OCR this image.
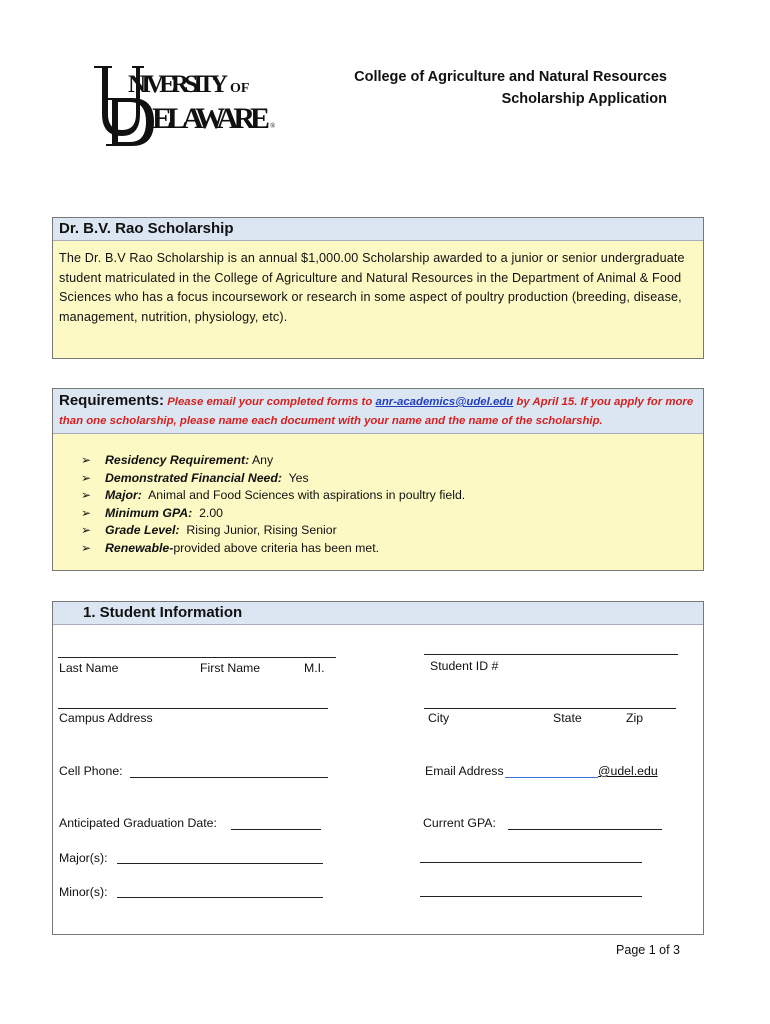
NIVERSITY OF
ELAWARE ®
College of Agriculture and Natural Resources
Scholarship Application
Dr. B.V. Rao Scholarship
The Dr. B.V Rao Scholarship is an annual $1,000.00 Scholarship awarded to a junior or senior undergraduate student matriculated in the College of Agriculture and Natural Resources in the Department of Animal & Food Sciences who has a focus incoursework or research in some aspect of poultry production (breeding, disease, management, nutrition, physiology, etc).
Requirements: Please email your completed forms to anr-academics@udel.edu by April 15. If you apply for more than one scholarship, please name each document with your name and the name of the scholarship.
➢ Residency Requirement: Any
➢ Demonstrated Financial Need: Yes
➢ Major: Animal and Food Sciences with aspirations in poultry field.
➢ Minimum GPA: 2.00
➢ Grade Level: Rising Junior, Rising Senior
➢ Renewable-provided above criteria has been met.
1. Student Information
Last Name	First Name	M.I.	Student ID #
Campus Address	City	State	Zip
Cell Phone:	Email Address	@udel.edu
Anticipated Graduation Date:	Current GPA:
Major(s):
Minor(s):
Page 1 of 3
